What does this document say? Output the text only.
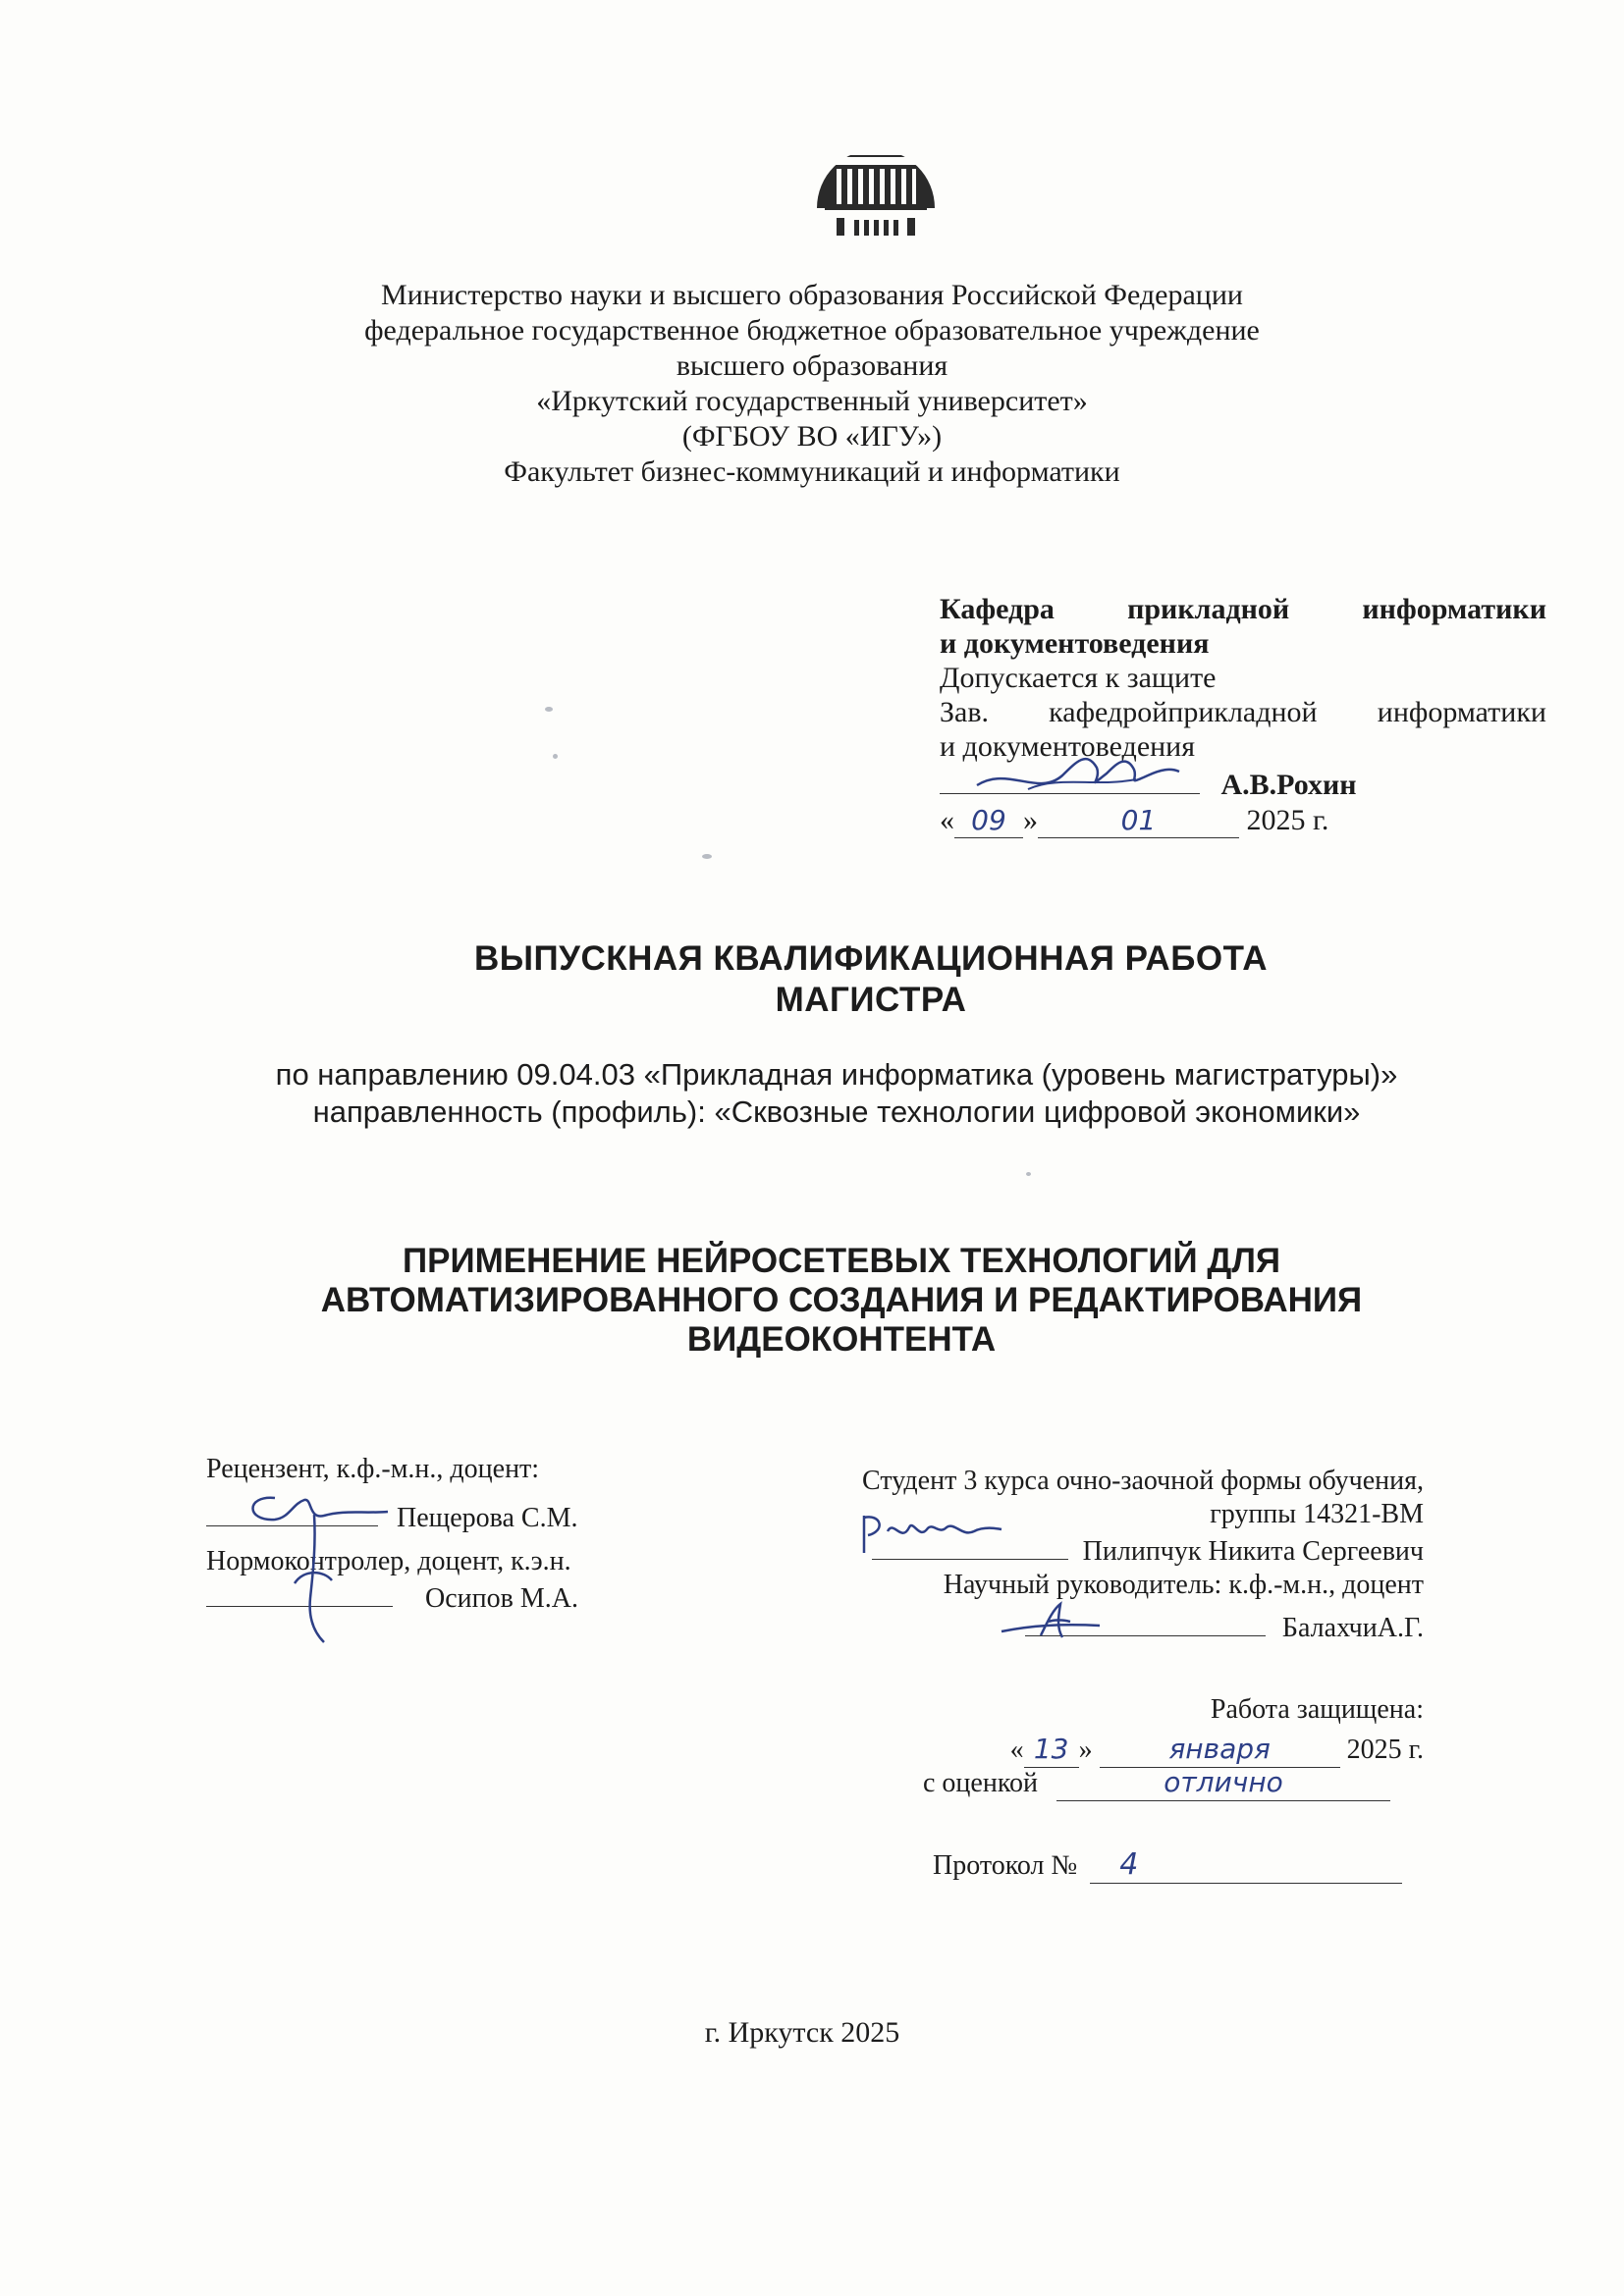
Министерство науки и высшего образования Российской Федерации
федеральное государственное бюджетное образовательное учреждение
высшего образования
«Иркутский государственный университет»
(ФГБОУ ВО «ИГУ»)
Факультет бизнес-коммуникаций и информатики
Кафедра прикладной информатики
и документоведения
Допускается к защите
Зав. кафедройприкладной информатики
и документоведения

А.В.Рохин
« 09 »	01	2025 г.
ВЫПУСКНАЯ КВАЛИФИКАЦИОННАЯ РАБОТА
МАГИСТРА
по направлению 09.04.03 «Прикладная информатика (уровень магистратуры)»
направленность (профиль): «Сквозные технологии цифровой экономики»
ПРИМЕНЕНИЕ НЕЙРОСЕТЕВЫХ ТЕХНОЛОГИЙ ДЛЯ
АВТОМАТИЗИРОВАННОГО СОЗДАНИЯ И РЕДАКТИРОВАНИЯ
ВИДЕОКОНТЕНТА
Рецензент, к.ф.-м.н., доцент:

Пещерова С.М.
Нормоконтролер, доцент, к.э.н.

Осипов М.А.
Студент 3 курса очно-заочной формы обучения,
группы 14321-ВМ

Пилипчук Никита Сергеевич
Научный руководитель: к.ф.-м.н., доцент

БалахчиА.Г.
Работа защищена:
« 13 »	января	2025 г.
с оценкой	отлично
Протокол № 4
г. Иркутск 2025
